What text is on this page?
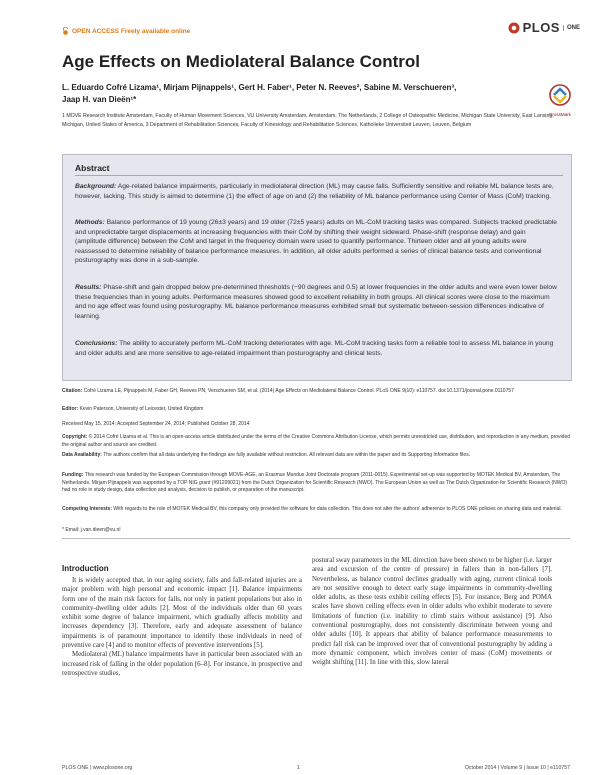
OPEN ACCESS Freely available online	PLOS	ONE
Age Effects on Mediolateral Balance Control
L. Eduardo Cofré Lizama¹, Mirjam Pijnappels¹, Gert H. Faber¹, Peter N. Reeves², Sabine M. Verschueren³,
Jaap H. van Dieën¹*
CrossMark
1 MOVE Research Institute Amsterdam, Faculty of Human Movement Sciences, VU University Amsterdam, Amsterdam, The Netherlands, 2 College of Osteopathic Medicine, Michigan State University, East Lansing, Michigan, United States of America, 3 Department of Rehabilitation Sciences, Faculty of Kinesiology and Rehabilitation Sciences, Katholieke Universiteit Leuven, Leuven, Belgium
Abstract
Background: Age-related balance impairments, particularly in mediolateral direction (ML) may cause falls. Sufficiently sensitive and reliable ML balance tests are, however, lacking. This study is aimed to determine (1) the effect of age on and (2) the reliability of ML balance performance using Center of Mass (CoM) tracking.
Methods: Balance performance of 19 young (26±3 years) and 19 older (72±5 years) adults on ML-CoM tracking tasks was compared. Subjects tracked predictable and unpredictable target displacements at increasing frequencies with their CoM by shifting their weight sideward. Phase-shift (response delay) and gain (amplitude difference) between the CoM and target in the frequency domain were used to quantify performance. Thirteen older and all young adults were reassessed to determine reliability of balance performance measures. In addition, all older adults performed a series of clinical balance tests and conventional posturography was done in a sub-sample.
Results: Phase-shift and gain dropped below pre-determined thresholds (−90 degrees and 0.5) at lower frequencies in the older adults and were even lower below these frequencies than in young adults. Performance measures showed good to excellent reliability in both groups. All clinical scores were close to the maximum and no age effect was found using posturography. ML balance performance measures exhibited small but systematic between-session differences indicative of learning.
Conclusions: The ability to accurately perform ML-CoM tracking deteriorates with age. ML-CoM tracking tasks form a reliable tool to assess ML balance in young and older adults and are more sensitive to age-related impairment than posturography and clinical tests.
Citation: Cofré Lizama LE, Pijnappels M, Faber GH, Reeves PN, Verschueren SM, et al. (2014) Age Effects on Mediolateral Balance Control. PLoS ONE 9(10): e110757. doi:10.1371/journal.pone.0110757
Editor: Kevin Paterson, University of Leicester, United Kingdom
Received May 15, 2014; Accepted September 24, 2014; Published October 28, 2014
Copyright: © 2014 Cofré Lizama et al. This is an open-access article distributed under the terms of the Creative Commons Attribution License, which permits unrestricted use, distribution, and reproduction in any medium, provided the original author and source are credited.
Data Availability: The authors confirm that all data underlying the findings are fully available without restriction. All relevant data are within the paper and its Supporting Information files.
Funding: This research was funded by the European Commission through MOVE-AGE, an Erasmus Mundus Joint Doctorate program (2011-0015). Experimental set-up was supported by MOTEK Medical BV, Amsterdam, The Netherlands. Mirjam Pijnappels was supported by a TOP NIG grant (#91209021) from the Dutch Organization for Scientific Research (NWO). The European Union as well as The Dutch Organization for Scientific Research (NWO) had no role in study design, data collection and analysis, decision to publish, or preparation of the manuscript.
Competing Interests: With regards to the role of MOTEK Medical BV, this company only provided the software for data collection. This does not alter the authors' adherence to PLOS ONE policies on sharing data and material.
* Email: j.van.dieen@vu.nl
Introduction

It is widely accepted that, in our aging society, falls and fall-related injuries are a major problem with high personal and economic impact [1]. Balance impairments form one of the main risk factors for falls, not only in patient populations but also in community-dwelling older adults [2]. Most of the individuals older than 60 years exhibit some degree of balance impairment, which gradually affects mobility and increases dependency [3]. Therefore, early and adequate assessment of balance impairments is of paramount importance to identify those individuals in need of preventive care [4] and to monitor effects of preventive interventions [5].

Mediolateral (ML) balance impairments have in particular been associated with an increased risk of falling in the older population [6–8]. For instance, in prospective and retrospective studies,

postural sway parameters in the ML direction have been shown to be higher (i.e. larger area and excursion of the centre of pressure) in fallers than in non-fallers [7]. Nevertheless, as balance control declines gradually with aging, current clinical tools are not sensitive enough to detect early stage impairments in community-dwelling older adults, as these tests exhibit ceiling effects [5]. For instance, Berg and POMA scales have shown ceiling effects even in older adults who exhibit moderate to severe limitations of function (i.e. inability to climb stairs without assistance) [9]. Also conventional posturography, does not consistently discriminate between young and older adults [10]. It appears that ability of balance performance measurements to predict fall risk can be improved over that of conventional posturography by adding a more dynamic component, which involves center of mass (CoM) movements or weight shifting [11]. In line with this, slow lateral

PLOS ONE | www.plosone.org	1	October 2014 | Volume 9 | Issue 10 | e110757
